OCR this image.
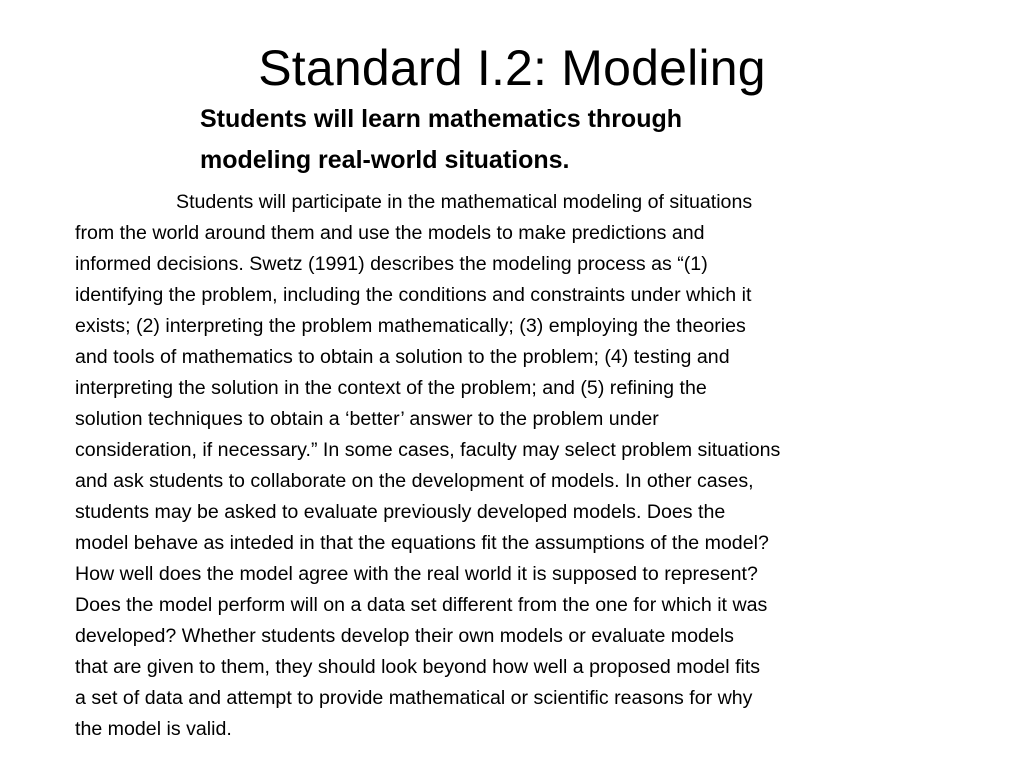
Standard I.2: Modeling
Students will learn mathematics through
modeling real-world situations.
Students will participate in the mathematical modeling of situations
from the world around them and use the models to make predictions and
informed decisions. Swetz (1991) describes the modeling process as “(1)
identifying the problem, including the conditions and constraints under which it
exists; (2) interpreting the problem mathematically; (3) employing the theories
and tools of mathematics to obtain a solution to the problem; (4) testing and
interpreting the solution in the context of the problem; and (5) refining the
solution techniques to obtain a ‘better’ answer to the problem under
consideration, if necessary.” In some cases, faculty may select problem situations
and ask students to collaborate on the development of models. In other cases,
students may be asked to evaluate previously developed models. Does the
model behave as inteded in that the equations fit the assumptions of the model?
How well does the model agree with the real world it is supposed to represent?
Does the model perform will on a data set different from the one for which it was
developed? Whether students develop their own models or evaluate models
that are given to them, they should look beyond how well a proposed model fits
a set of data and attempt to provide mathematical or scientific reasons for why
the model is valid.
